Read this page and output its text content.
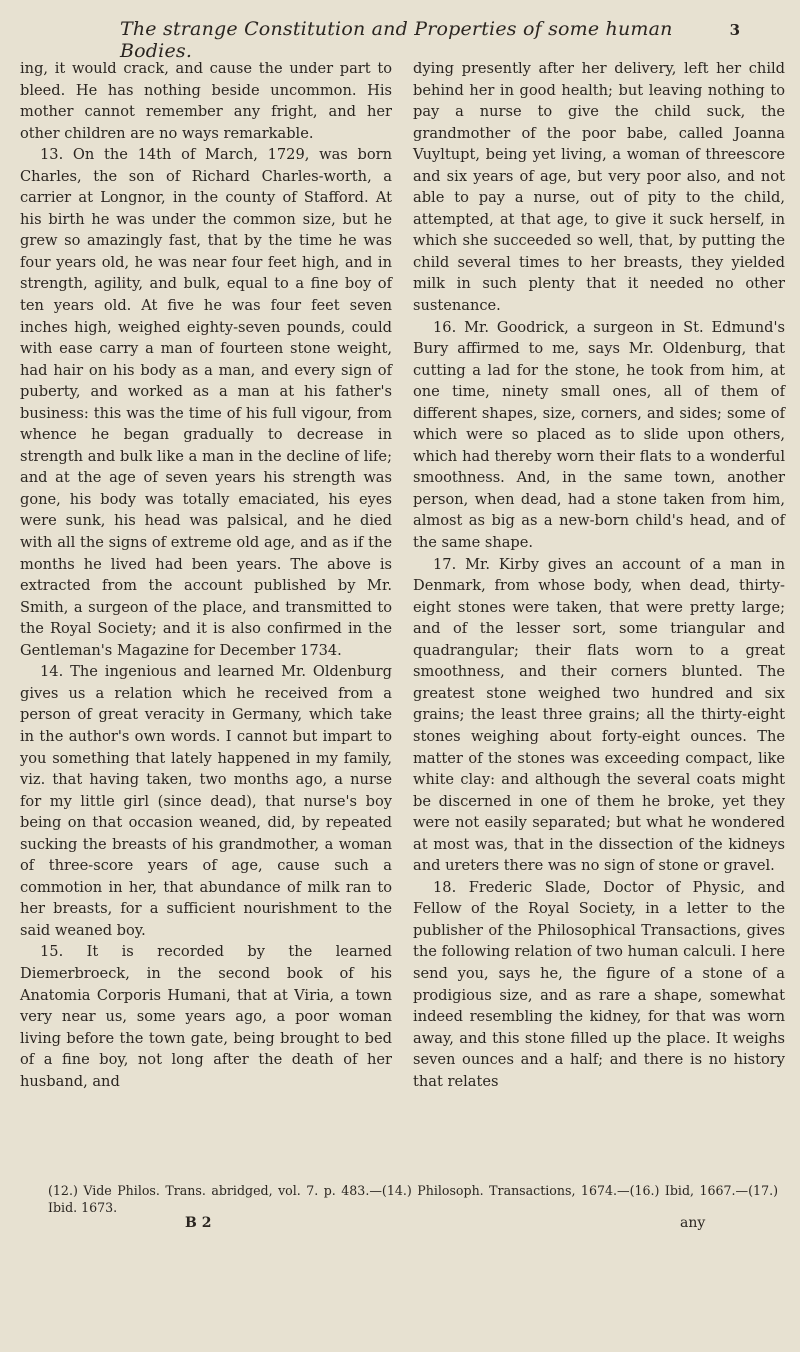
The strange Constitution and Properties of some human Bodies.
3

ing, it would crack, and cause the under part to bleed. He has nothing beside uncommon. His mother cannot remember any fright, and her other children are no ways remarkable.

13. On the 14th of March, 1729, was born Charles, the son of Richard Charles-worth, a carrier at Longnor, in the county of Stafford. At his birth he was under the common size, but he grew so amazingly fast, that by the time he was four years old, he was near four feet high, and in strength, agility, and bulk, equal to a fine boy of ten years old. At five he was four feet seven inches high, weighed eighty-seven pounds, could with ease carry a man of fourteen stone weight, had hair on his body as a man, and every sign of puberty, and worked as a man at his father's business: this was the time of his full vigour, from whence he began gradually to decrease in strength and bulk like a man in the decline of life; and at the age of seven years his strength was gone, his body was totally emaciated, his eyes were sunk, his head was palsical, and he died with all the signs of extreme old age, and as if the months he lived had been years. The above is extracted from the account published by Mr. Smith, a surgeon of the place, and transmitted to the Royal Society; and it is also confirmed in the Gentleman's Magazine for December 1734.

14. The ingenious and learned Mr. Oldenburg gives us a relation which he received from a person of great veracity in Germany, which take in the author's own words. I cannot but impart to you something that lately happened in my family, viz. that having taken, two months ago, a nurse for my little girl (since dead), that nurse's boy being on that occasion weaned, did, by repeated sucking the breasts of his grandmother, a woman of three-score years of age, cause such a commotion in her, that abundance of milk ran to her breasts, for a sufficient nourishment to the said weaned boy.

15. It is recorded by the learned Diemerbroeck, in the second book of his Anatomia Corporis Humani, that at Viria, a town very near us, some years ago, a poor woman living before the town gate, being brought to bed of a fine boy, not long after the death of her husband, and

dying presently after her delivery, left her child behind her in good health; but leaving nothing to pay a nurse to give the child suck, the grandmother of the poor babe, called Joanna Vuyltupt, being yet living, a woman of threescore and six years of age, but very poor also, and not able to pay a nurse, out of pity to the child, attempted, at that age, to give it suck herself, in which she succeeded so well, that, by putting the child several times to her breasts, they yielded milk in such plenty that it needed no other sustenance.

16. Mr. Goodrick, a surgeon in St. Edmund's Bury affirmed to me, says Mr. Oldenburg, that cutting a lad for the stone, he took from him, at one time, ninety small ones, all of them of different shapes, size, corners, and sides; some of which were so placed as to slide upon others, which had thereby worn their flats to a wonderful smoothness. And, in the same town, another person, when dead, had a stone taken from him, almost as big as a new-born child's head, and of the same shape.

17. Mr. Kirby gives an account of a man in Denmark, from whose body, when dead, thirty-eight stones were taken, that were pretty large; and of the lesser sort, some triangular and quadrangular; their flats worn to a great smoothness, and their corners blunted. The greatest stone weighed two hundred and six grains; the least three grains; all the thirty-eight stones weighing about forty-eight ounces. The matter of the stones was exceeding compact, like white clay: and although the several coats might be discerned in one of them he broke, yet they were not easily separated; but what he wondered at most was, that in the dissection of the kidneys and ureters there was no sign of stone or gravel.

18. Frederic Slade, Doctor of Physic, and Fellow of the Royal Society, in a letter to the publisher of the Philosophical Transactions, gives the following relation of two human calculi. I here send you, says he, the figure of a stone of a prodigious size, and as rare a shape, somewhat indeed resembling the kidney, for that was worn away, and this stone filled up the place. It weighs seven ounces and a half; and there is no history that relates

(12.) Vide Philos. Trans. abridged, vol. 7. p. 483.—(14.) Philosoph. Transactions, 1674.—(16.) Ibid, 1667.—(17.) Ibid. 1673.

B 2	any
